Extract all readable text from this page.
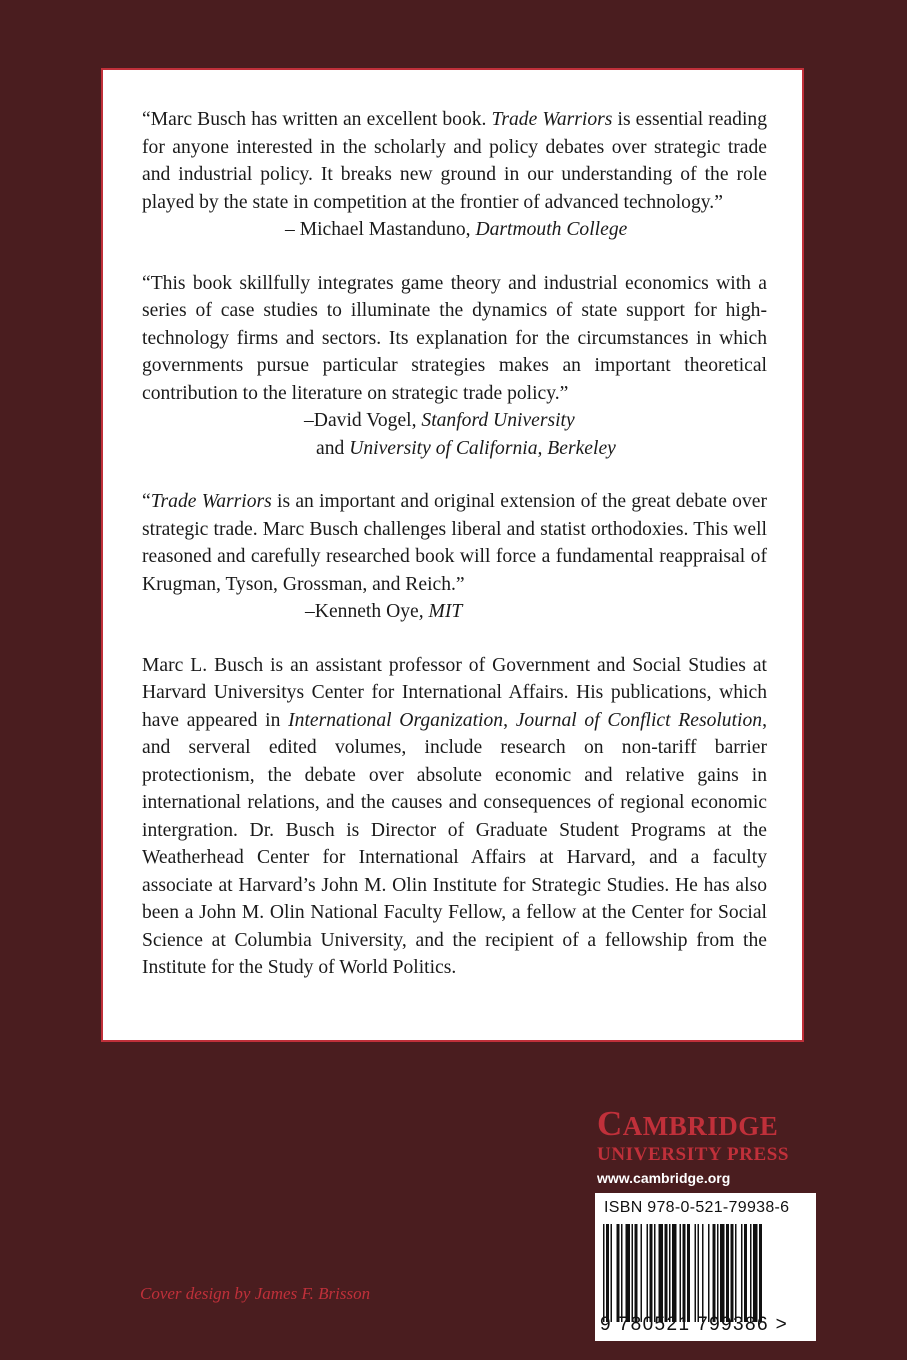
“Marc Busch has written an excellent book. Trade Warriors is essential reading for anyone interested in the scholarly and policy debates over strategic trade and industrial policy. It breaks new ground in our understanding of the role played by the state in competition at the frontier of advanced technology.”

– Michael Mastanduno, Dartmouth College

“This book skillfully integrates game theory and industrial economics with a series of case studies to illuminate the dynamics of state support for high-technology firms and sectors. Its explanation for the circumstances in which governments pursue particular strategies makes an important theoretical contribution to the literature on strategic trade policy.”

–David Vogel, Stanford University
and University of California, Berkeley

“Trade Warriors is an important and original extension of the great debate over strategic trade. Marc Busch challenges liberal and statist orthodoxies. This well reasoned and carefully researched book will force a fundamental reappraisal of Krugman, Tyson, Grossman, and Reich.”

–Kenneth Oye, MIT

Marc L. Busch is an assistant professor of Government and Social Studies at Harvard Universitys Center for International Affairs. His publications, which have appeared in International Organization, Journal of Conflict Resolution, and serveral edited volumes, include research on non-tariff barrier protectionism, the debate over absolute economic and relative gains in international relations, and the causes and consequences of regional economic intergration. Dr. Busch is Director of Graduate Student Programs at the Weatherhead Center for International Affairs at Harvard, and a faculty associate at Harvard’s John M. Olin Institute for Strategic Studies. He has also been a John M. Olin National Faculty Fellow, a fellow at the Center for Social Science at Columbia University, and the recipient of a fellowship from the Institute for the Study of World Politics.

CAMBRIDGE
UNIVERSITY PRESS
www.cambridge.org
ISBN 978-0-521-79938-6
9 780521 799386 >
Cover design by James F. Brisson
